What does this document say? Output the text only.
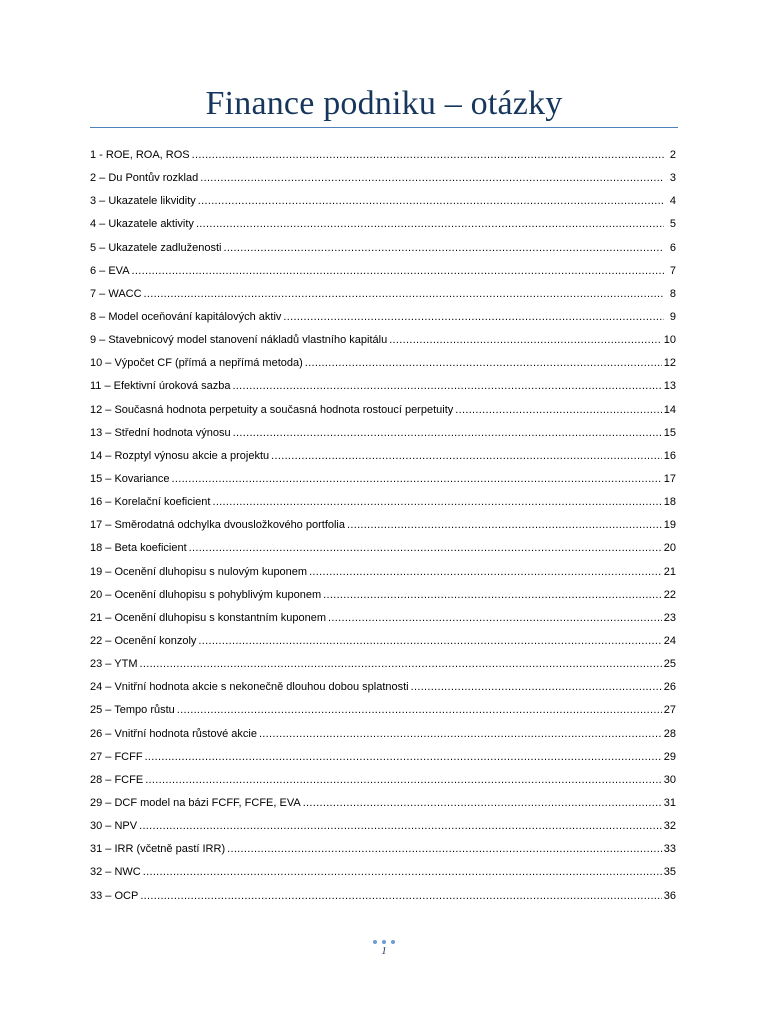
Finance podniku – otázky
1 - ROE, ROA, ROS .....	2
2 – Du Pontův rozklad .....	3
3 – Ukazatele likvidity .....	4
4 – Ukazatele aktivity .....	5
5 – Ukazatele zadluženosti .....	6
6 – EVA .....	7
7 – WACC .....	8
8 – Model oceňování kapitálových aktiv .....	9
9 – Stavebnicový model stanovení nákladů vlastního kapitálu .....	10
10 – Výpočet CF (přímá a nepřímá metoda) .....	12
11 – Efektivní úroková sazba .....	13
12 – Současná hodnota perpetuity a současná hodnota rostoucí perpetuity .....	14
13 – Střední hodnota výnosu .....	15
14 – Rozptyl výnosu akcie a projektu .....	16
15 – Kovariance .....	17
16 – Korelační koeficient .....	18
17 – Směrodatná odchylka dvousložkového portfolia .....	19
18 – Beta koeficient .....	20
19 – Ocenění dluhopisu s nulovým kuponem .....	21
20 – Ocenění dluhopisu s pohyblivým kuponem .....	22
21 – Ocenění dluhopisu s konstantním kuponem .....	23
22 – Ocenění konzoly .....	24
23 – YTM .....	25
24 – Vnitřní hodnota akcie s nekonečně dlouhou dobou splatnosti .....	26
25 – Tempo růstu .....	27
26 – Vnitřní hodnota růstové akcie .....	28
27 – FCFF .....	29
28 – FCFE .....	30
29 – DCF model na bázi FCFF, FCFE, EVA .....	31
30 – NPV .....	32
31 – IRR (včetně pastí IRR) .....	33
32 – NWC .....	35
33 – OCP .....	36
1
